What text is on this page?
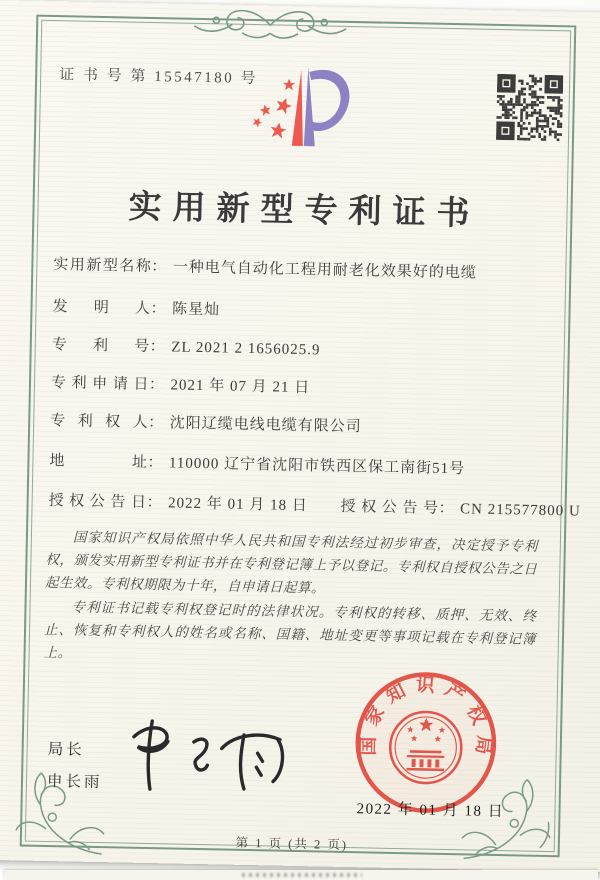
证 书 号 第 15547180 号
实用新型专利证书
实用新型名称： 一种电气自动化工程用耐老化效果好的电缆
发明人： 陈星灿
专利号： ZL 2021 2 1656025.9
专利申请日： 2021 年 07 月 21 日
专利权人： 沈阳辽缆电线电缆有限公司
地址： 110000 辽宁省沈阳市铁西区保工南街51号
授权公告日： 2022 年 01 月 18 日 授权公告号： CN 215577800 U

国家知识产权局依照中华人民共和国专利法经过初步审查，决定授予专利权，颁发实用新型专利证书并在专利登记簿上予以登记。专利权自授权公告之日起生效。专利权期限为十年，自申请日起算。

专利证书记载专利权登记时的法律状况。专利权的转移、质押、无效、终止、恢复和专利权人的姓名或名称、国籍、地址变更等事项记载在专利登记簿上。

局长
申长雨
国家知识产权局
2022 年 01 月 18 日
第 1 页 (共 2 页)
